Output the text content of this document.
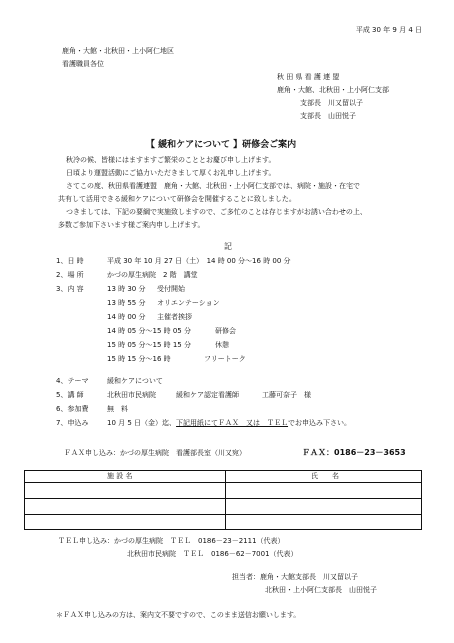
平成 30 年 9 月 4 日
鹿角・大館・北秋田・上小阿仁地区
看護職員各位
秋 田 県 看 護 連 盟
鹿角・大館、北秋田・上小阿仁支部
支部長　川又留以子
支部長　山田悦子
【 緩和ケアについて 】研修会ご案内
秋冷の候、皆様にはますますご繁栄のこととお慶び申し上げます。
日頃より運盟活動にご協力いただきまして厚くお礼申し上げます。
さてこの度、秋田県看護連盟　鹿角・大館、北秋田・上小阿仁支部では、病院・施設・在宅で
共有して活用できる緩和ケアについて研修会を開催することに致しました。
つきましては、下記の要綱で実施致しますので、ご多忙のことは存じますがお誘い合わせの上、
多数ご参加下さいます様ご案内申し上げます。
記
1、日 時	平成 30 年 10 月 27 日（土）　14 時 00 分～16 時 00 分
2、場 所	かづの厚生病院　2 階　講堂
3、内 容	13 時 30 分 受付開始
13 時 55 分 オリエンテーション
14 時 00 分 主催者挨拶
14 時 05 分～15 時 05 分	研修会
15 時 05 分～15 時 15 分	休憩
15 時 15 分～16 時	フリートーク
4、テーマ	緩和ケアについて
5、講 師	北秋田市民病院	緩和ケア認定看護師	工藤可奈子　様
6、参加費	無　料
7、申込み	10 月 5 日（金）迄、下記用紙にてＦＡＸ　又は　ＴＥＬでお申込み下さい。
ＦＡＸ申し込み：かづの厚生病院　看護部長室（川又宛）	ＦＡＸ：0186－23－3653
施 設 名	氏　　名
ＴＥＬ申し込み：かづの厚生病院　ＴＥＬ　0186－23－2111（代表）
北秋田市民病院　ＴＥＬ　0186－62－7001（代表）
担当者：鹿角・大館支部長　川又留以子
北秋田・上小阿仁支部長　山田悦子
＊ＦＡＸ申し込みの方は、案内文不要ですので、このまま送信お願いします。
